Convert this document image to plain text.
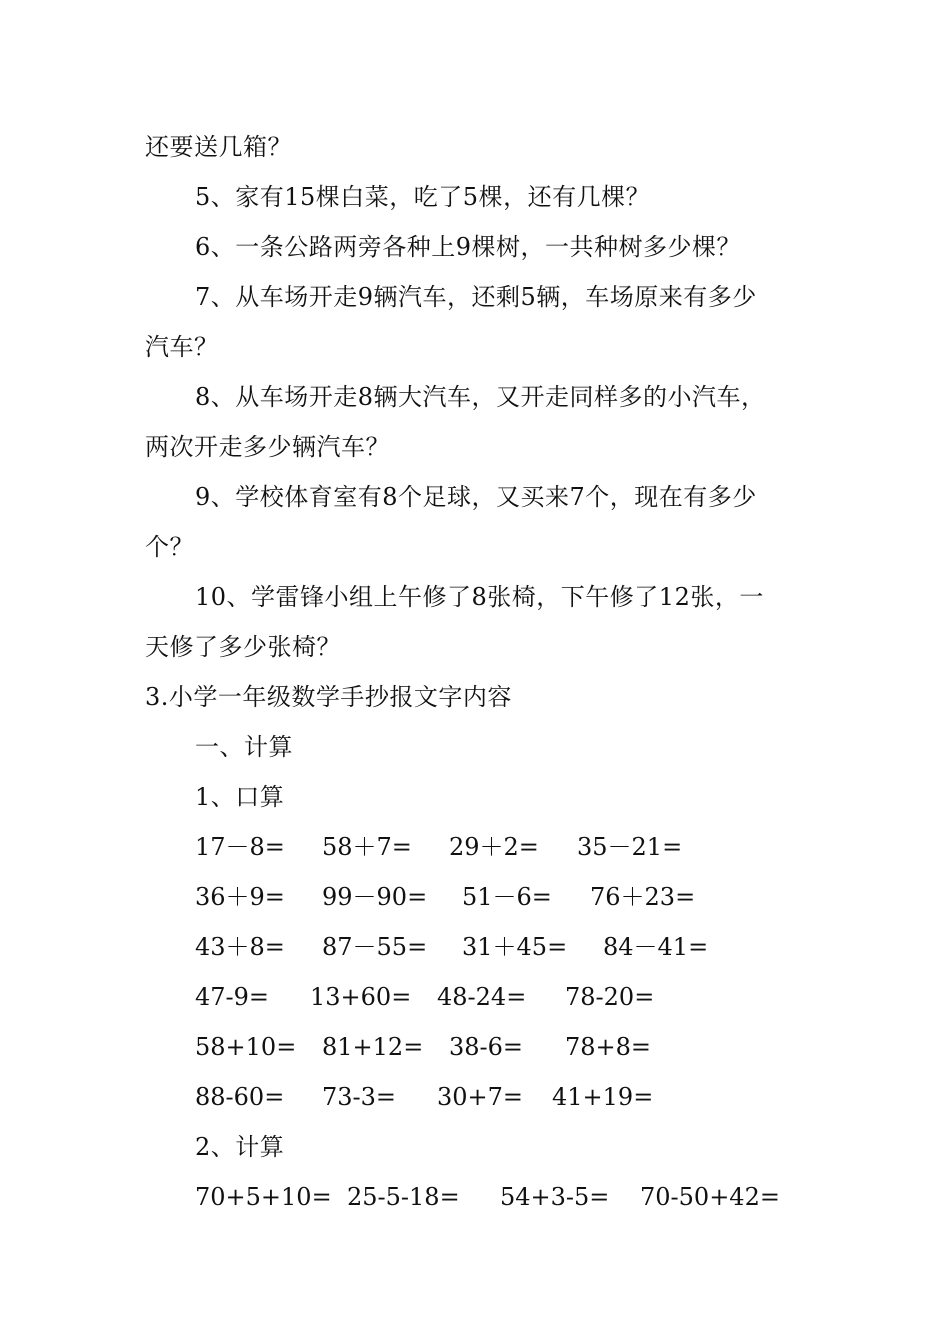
还要送几箱？
5、家有15棵白菜，吃了5棵，还有几棵？
6、一条公路两旁各种上9棵树，一共种树多少棵？
7、从车场开走9辆汽车，还剩5辆，车场原来有多少
汽车？
8、从车场开走8辆大汽车，又开走同样多的小汽车，
两次开走多少辆汽车？
9、学校体育室有8个足球，又买来7个，现在有多少
个？
10、学雷锋小组上午修了8张椅，下午修了12张，一
天修了多少张椅？
3.小学一年级数学手抄报文字内容
一、计算
1、口算
17－8= 58＋7= 29＋2= 35－21=
36＋9= 99－90= 51－6= 76＋23=
43＋8= 87－55= 31＋45= 84－41=
47-9= 13+60= 48-24= 78-20=
58+10= 81+12= 38-6= 78+8=
88-60= 73-3= 30+7= 41+19=
2、计算
70+5+10= 25-5-18= 54+3-5= 70-50+42=
